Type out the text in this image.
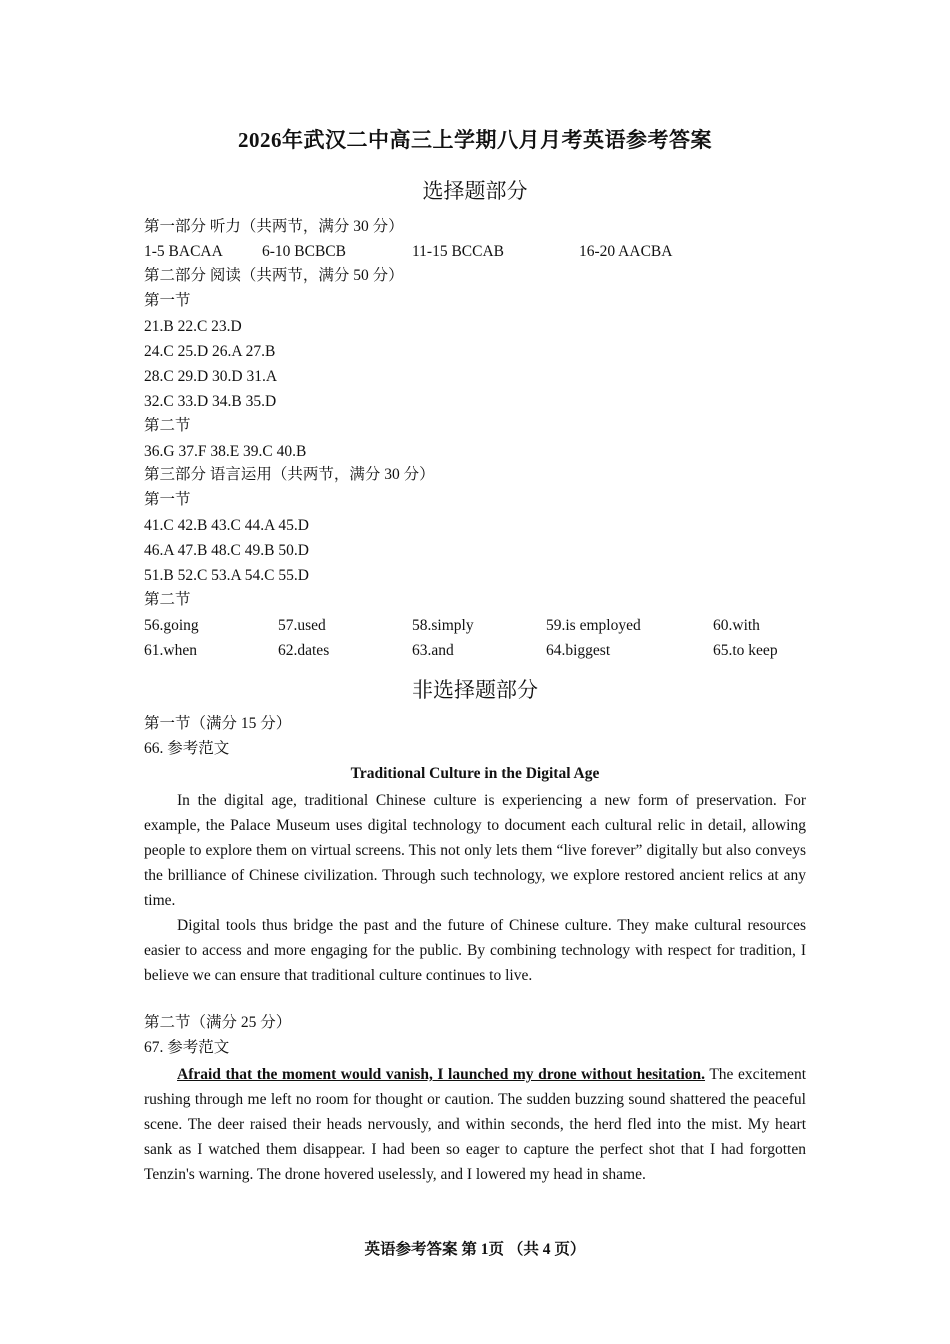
2026年武汉二中高三上学期八月月考英语参考答案
选择题部分
第一部分 听力（共两节，满分 30 分）
1-5 BACAA	6-10 BCBCB	11-15 BCCAB	16-20 AACBA
第二部分 阅读（共两节，满分 50 分）
第一节
21.B 22.C 23.D
24.C 25.D 26.A 27.B
28.C 29.D 30.D 31.A
32.C 33.D 34.B 35.D
第二节
36.G 37.F 38.E 39.C 40.B
第三部分 语言运用（共两节，满分 30 分）
第一节
41.C 42.B 43.C 44.A 45.D
46.A 47.B 48.C 49.B 50.D
51.B 52.C 53.A 54.C 55.D
第二节
56.going	57.used	58.simply	59.is employed	60.with
61.when	62.dates	63.and	64.biggest	65.to keep
非选择题部分
第一节（满分 15 分）
66. 参考范文
Traditional Culture in the Digital Age

In the digital age, traditional Chinese culture is experiencing a new form of preservation. For example, the Palace Museum uses digital technology to document each cultural relic in detail, allowing people to explore them on virtual screens. This not only lets them “live forever” digitally but also conveys the brilliance of Chinese civilization. Through such technology, we explore restored ancient relics at any time.

Digital tools thus bridge the past and the future of Chinese culture. They make cultural resources easier to access and more engaging for the public. By combining technology with respect for tradition, I believe we can ensure that traditional culture continues to live.

第二节（满分 25 分）
67. 参考范文

Afraid that the moment would vanish, I launched my drone without hesitation. The excitement rushing through me left no room for thought or caution. The sudden buzzing sound shattered the peaceful scene. The deer raised their heads nervously, and within seconds, the herd fled into the mist. My heart sank as I watched them disappear. I had been so eager to capture the perfect shot that I had forgotten Tenzin's warning. The drone hovered uselessly, and I lowered my head in shame.

英语参考答案 第 1页 （共 4 页）
